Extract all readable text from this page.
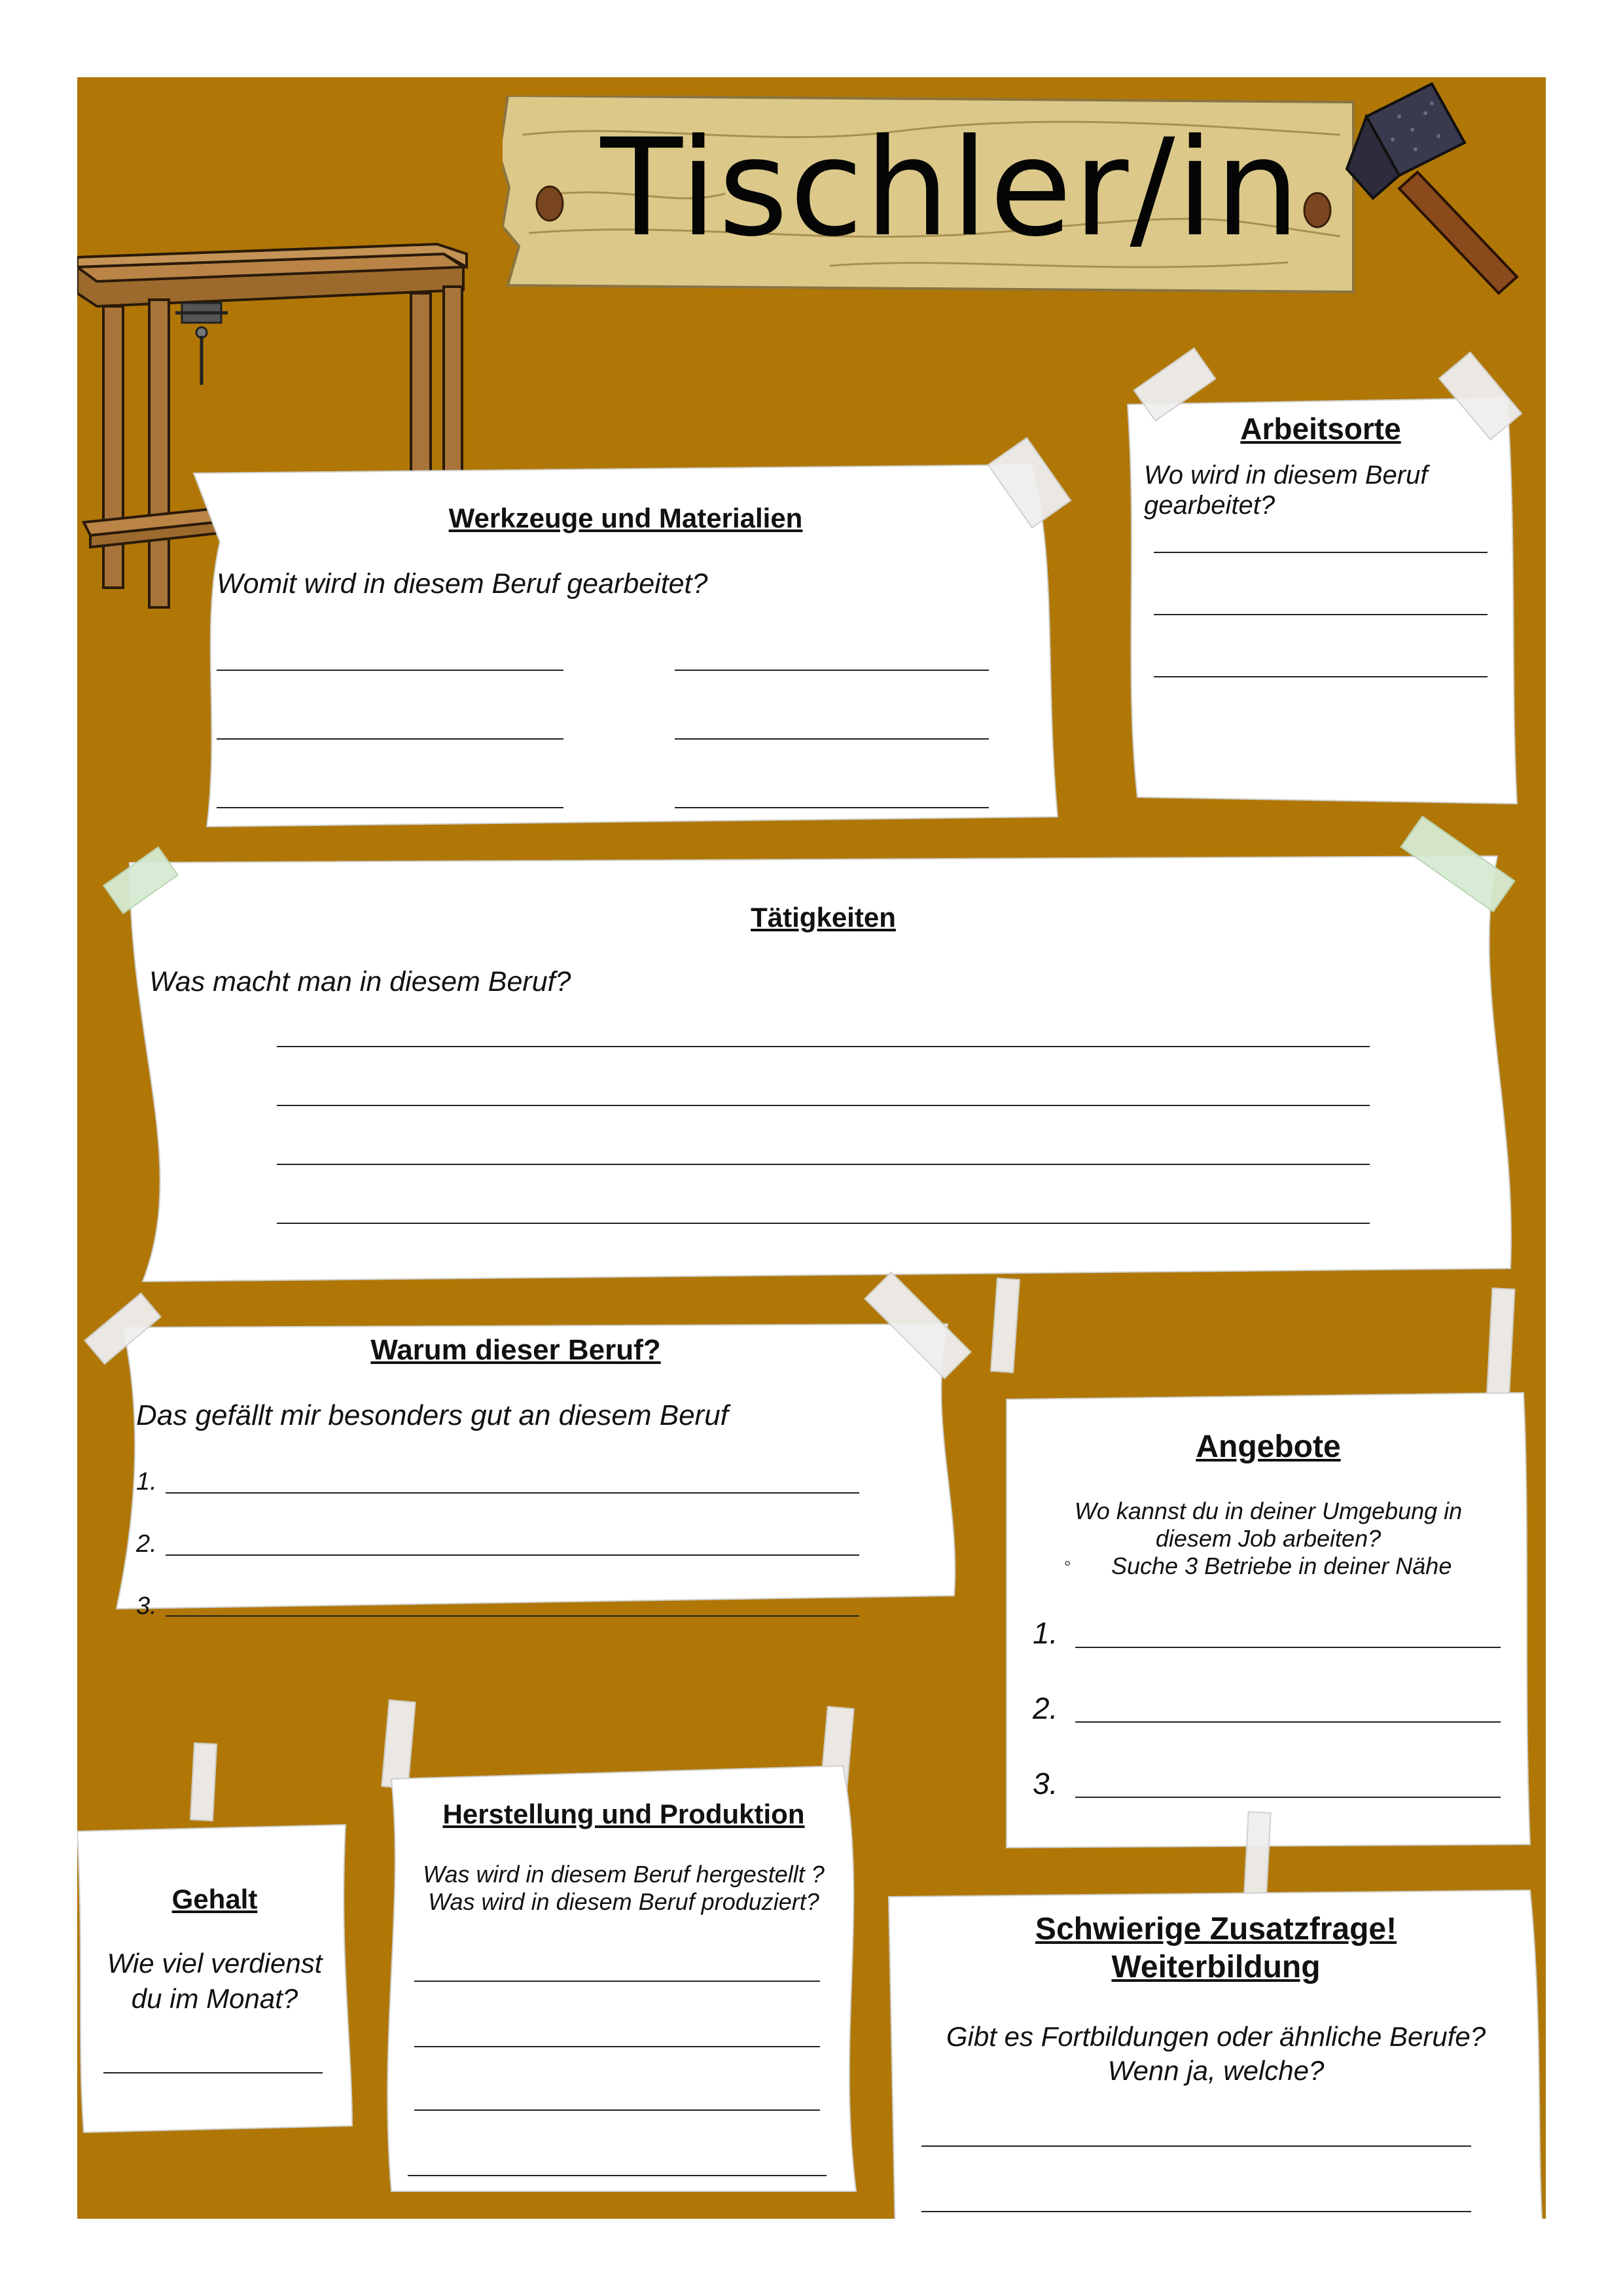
Tischler/in
Werkzeuge und Materialien
Womit wird in diesem Beruf gearbeitet?
Arbeitsorte
Wo wird in diesem Beruf gearbeitet?
Tätigkeiten
Was macht man in diesem Beruf?
Warum dieser Beruf?
Das gefällt mir besonders gut an diesem Beruf
1.
2.
3.
Angebote
Wo kannst du in deiner Umgebung in
diesem Job arbeiten?
◦ Suche 3 Betriebe in deiner Nähe
1.
2.
3.
Gehalt
Wie viel verdienst
du im Monat?
Herstellung und Produktion
Was wird in diesem Beruf hergestellt ?
Was wird in diesem Beruf produziert?
Schwierige Zusatzfrage!
Weiterbildung
Gibt es Fortbildungen oder ähnliche Berufe?
Wenn ja, welche?
